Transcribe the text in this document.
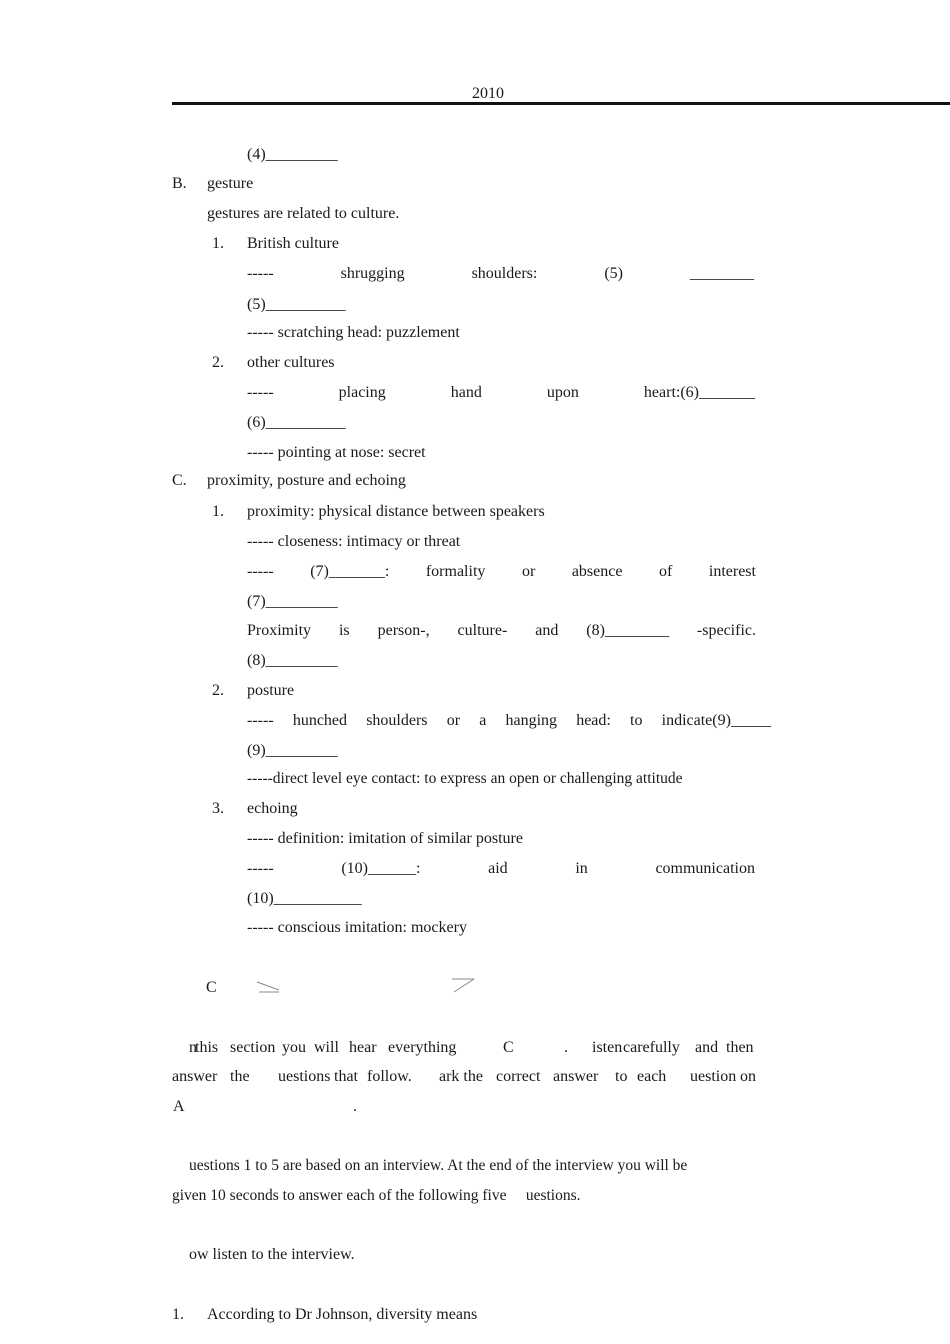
2010
(4)_________
B. gesture
gestures are related to culture.
1. British culture
-----	shrugging	shoulders:	(5)	________
(5)__________
----- scratching head: puzzlement
2. other cultures
-----	placing	hand	upon	heart:(6)_______
(6)__________
----- pointing at nose: secret
C. proximity, posture and echoing
1. proximity: physical distance between speakers
----- closeness: intimacy or threat
----- (7)_______: formality or absence of interest
(7)_________
Proximity is person-, culture- and (8)________ -specific.
(8)_________
2. posture
----- hunched shoulders or a hanging head: to indicate(9)_____
(9)_________
-----direct level eye contact: to express an open or challenging attitude
3. echoing
----- definition: imitation of similar posture
-----	(10)______:	aid	in	communication
(10)___________
----- conscious imitation: mockery
C
n
this section you will hear everything	C	. isten carefully and then
answer the uestions that follow. ark the correct answer to each uestion on
A	.
uestions 1 to 5 are based on an interview. At the end of the interview you will be
given 10 seconds to answer each of the following five     uestions.
ow listen to the interview.
1. According to Dr Johnson, diversity means
